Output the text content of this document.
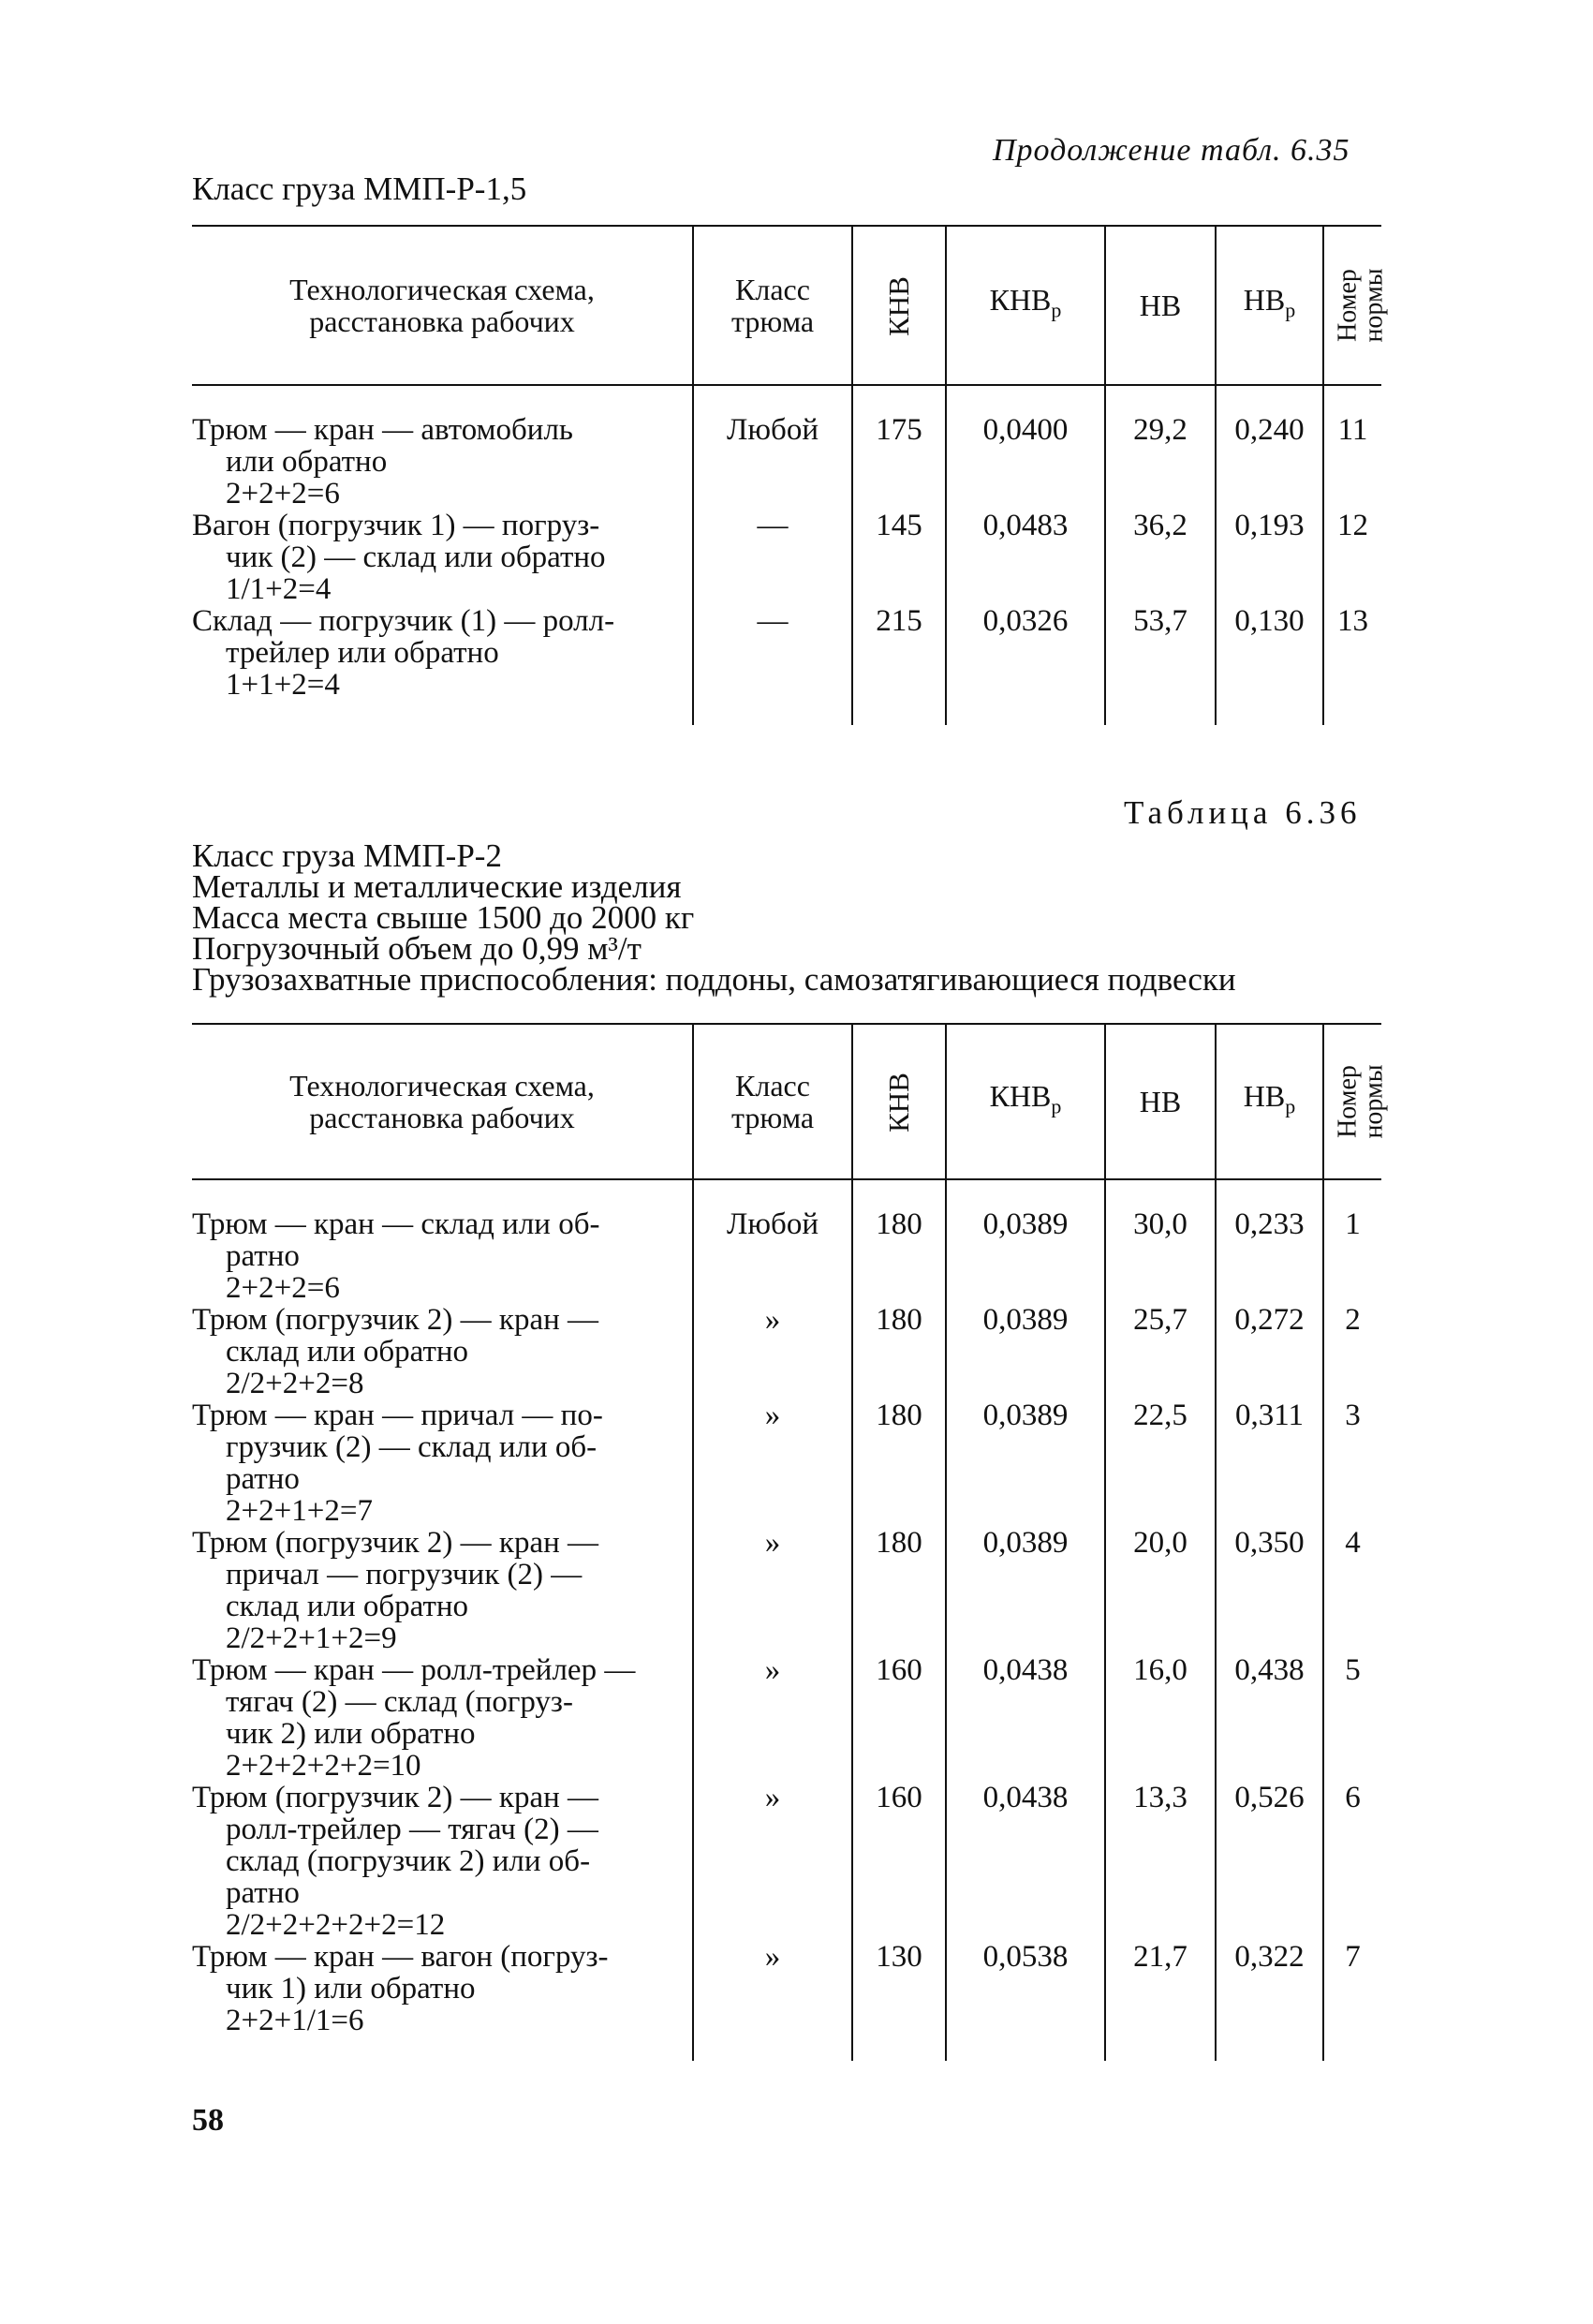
Продолжение табл. 6.35
Класс груза ММП-Р-1,5
Технологическая схема,
расстановка рабочих	Класс
трюма	КНВ	$КНВ_р$	НВ	$НВ_р$	Номер
нормы

Трюм — кран — автомобиль
или обратно
2+2+2=6	Любой	175	0,0400	29,2	0,240	11

Вагон (погрузчик 1) — погруз-
чик (2) — склад или обратно
1/1+2=4	—	145	0,0483	36,2	0,193	12

Склад — погрузчик (1) — ролл-
трейлер или обратно
1+1+2=4	—	215	0,0326	53,7	0,130	13
Таблица 6.36
Класс груза ММП-Р-2
Металлы и металлические изделия
Масса места свыше 1500 до 2000 кг
Погрузочный объем до 0,99 м³/т
Грузозахватные приспособления: поддоны, самозатягивающиеся подвески
Технологическая схема,
расстановка рабочих	Класс
трюма	КНВ	$КНВ_р$	НВ	$НВ_р$	Номер
нормы

Трюм — кран — склад или об-
ратно
2+2+2=6	Любой	180	0,0389	30,0	0,233	1

Трюм (погрузчик 2) — кран —
склад или обратно
2/2+2+2=8	»	180	0,0389	25,7	0,272	2

Трюм — кран — причал — по-
грузчик (2) — склад или об-
ратно
2+2+1+2=7	»	180	0,0389	22,5	0,311	3

Трюм (погрузчик 2) — кран —
причал — погрузчик (2) —
склад или обратно
2/2+2+1+2=9	»	180	0,0389	20,0	0,350	4

Трюм — кран — ролл-трейлер —
тягач (2) — склад (погруз-
чик 2) или обратно
2+2+2+2+2=10	»	160	0,0438	16,0	0,438	5

Трюм (погрузчик 2) — кран —
ролл-трейлер — тягач (2) —
склад (погрузчик 2) или об-
ратно
2/2+2+2+2+2=12	»	160	0,0438	13,3	0,526	6

Трюм — кран — вагон (погруз-
чик 1) или обратно
2+2+1/1=6	»	130	0,0538	21,7	0,322	7
58
